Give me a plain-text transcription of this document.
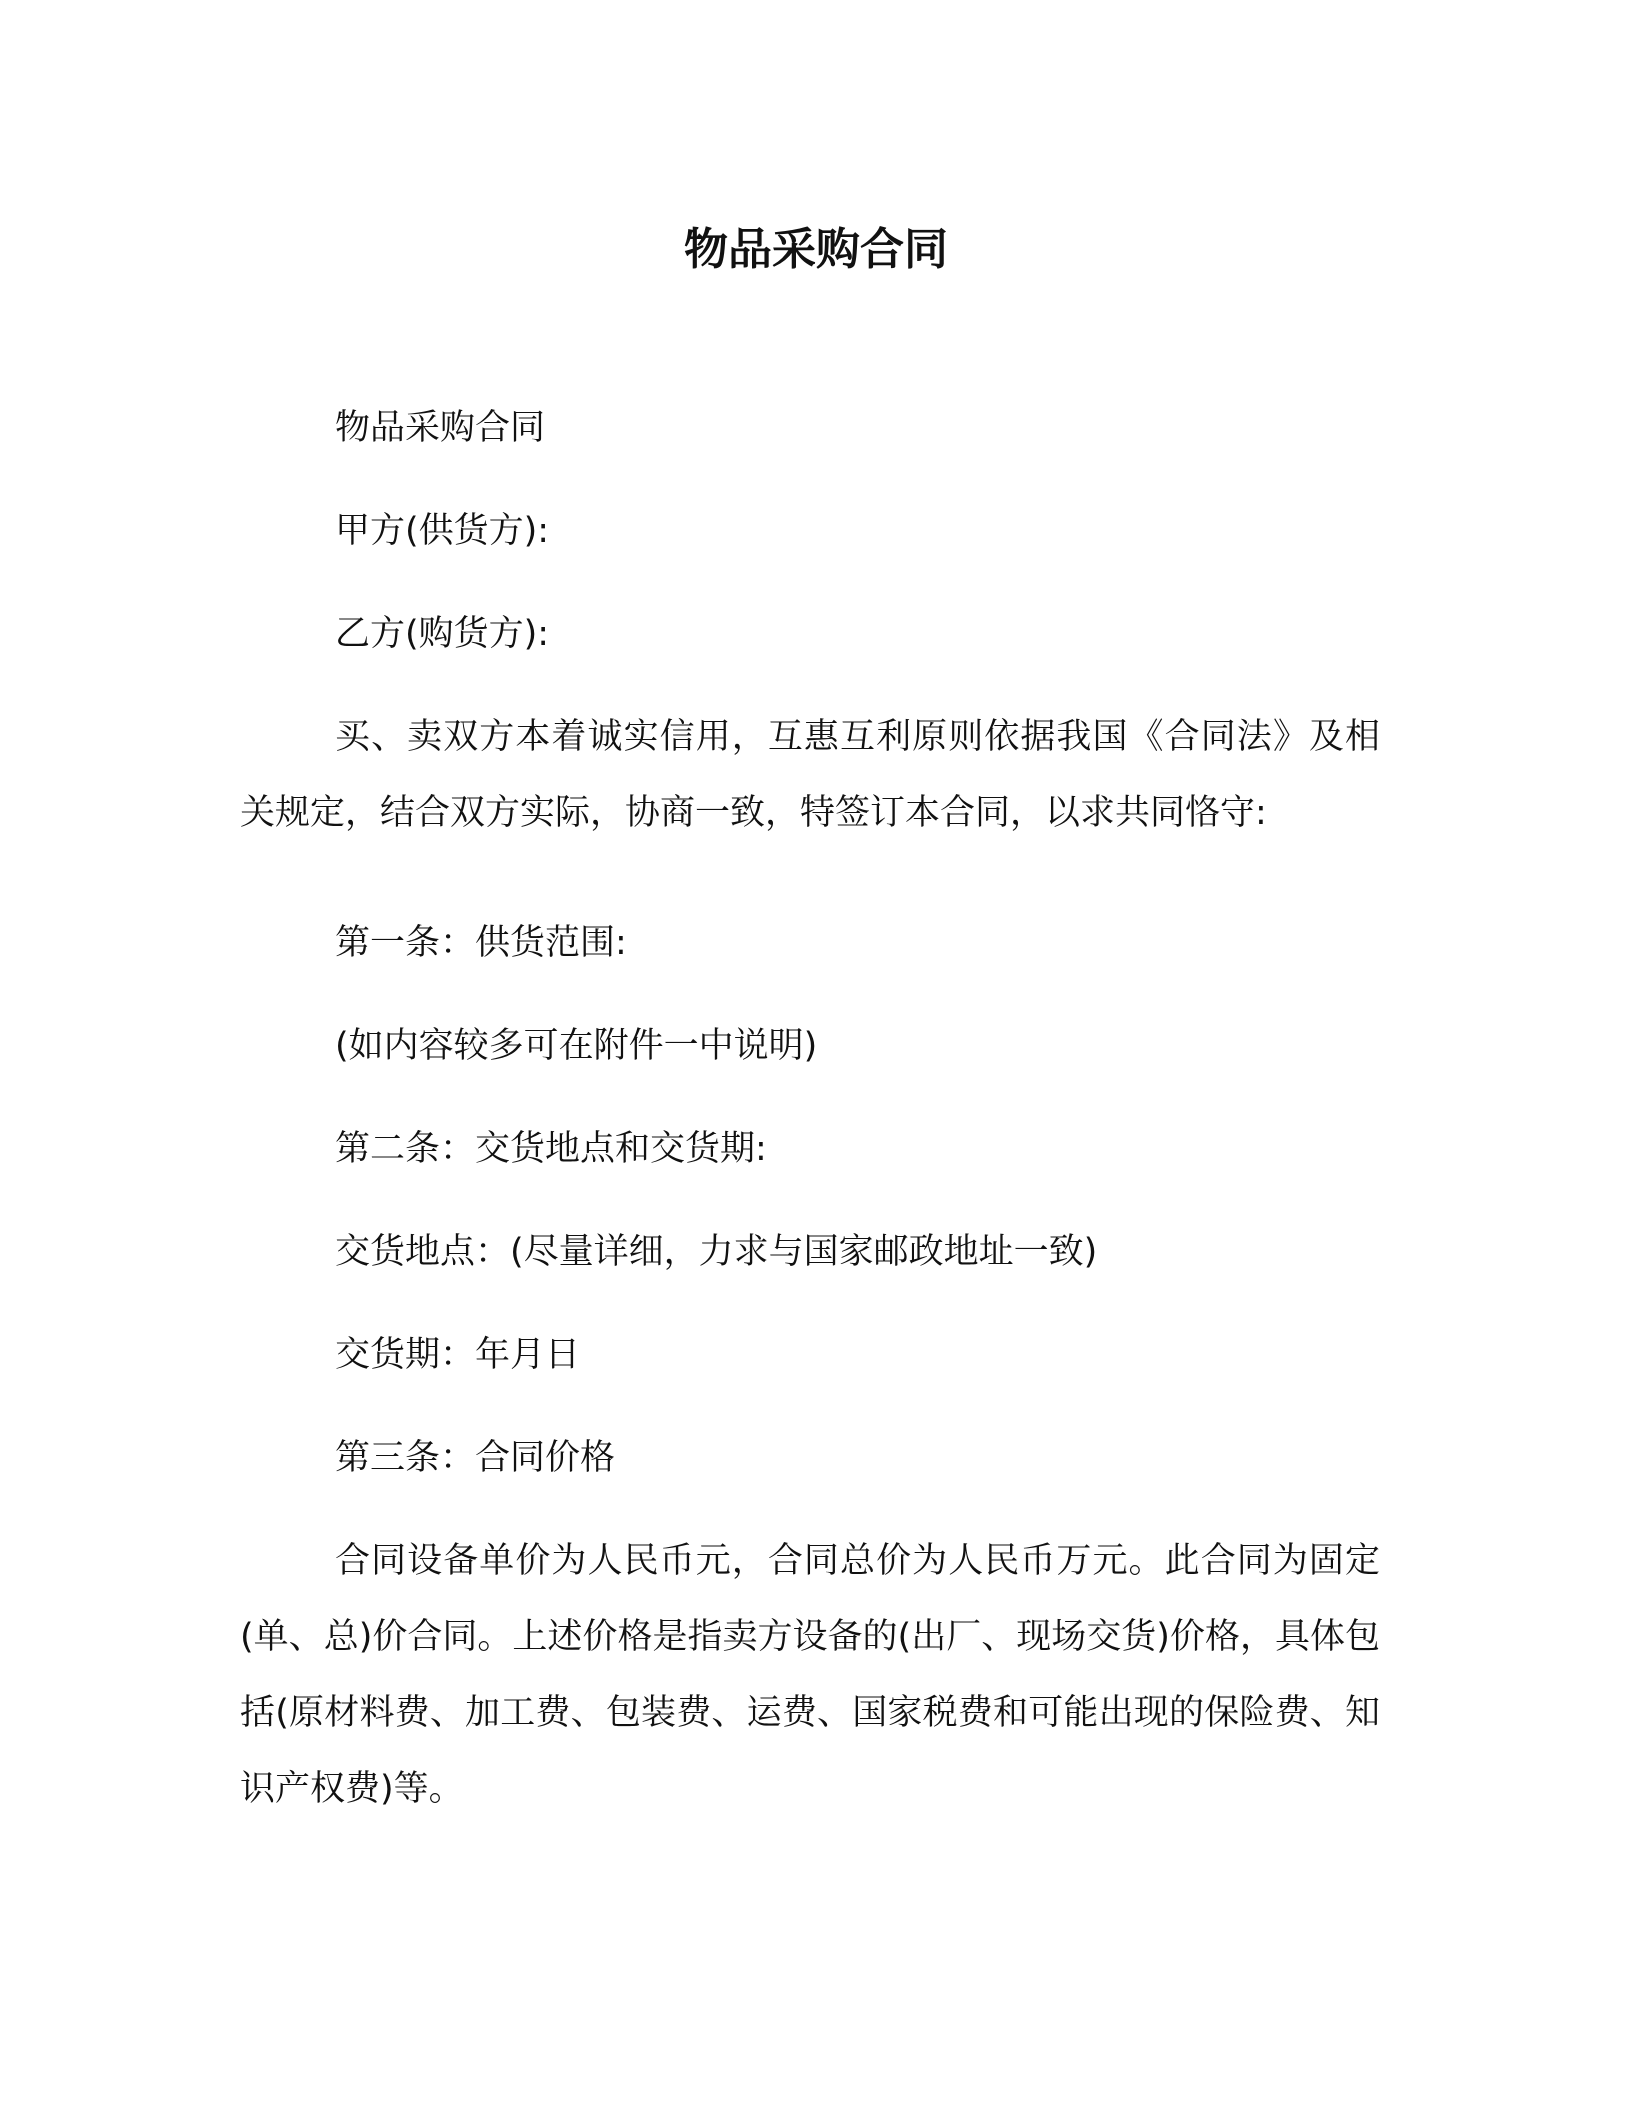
物品采购合同

物品采购合同

甲方(供货方):

乙方(购货方):

买、卖双方本着诚实信用，互惠互利原则依据我国《合同法》及相关规定，结合双方实际，协商一致，特签订本合同，以求共同恪守:

第一条：供货范围:

(如内容较多可在附件一中说明)

第二条：交货地点和交货期:

交货地点：(尽量详细，力求与国家邮政地址一致)

交货期：年月日

第三条：合同价格

合同设备单价为人民币元，合同总价为人民币万元。此合同为固定(单、总)价合同。上述价格是指卖方设备的(出厂、现场交货)价格，具体包括(原材料费、加工费、包装费、运费、国家税费和可能出现的保险费、知识产权费)等。
